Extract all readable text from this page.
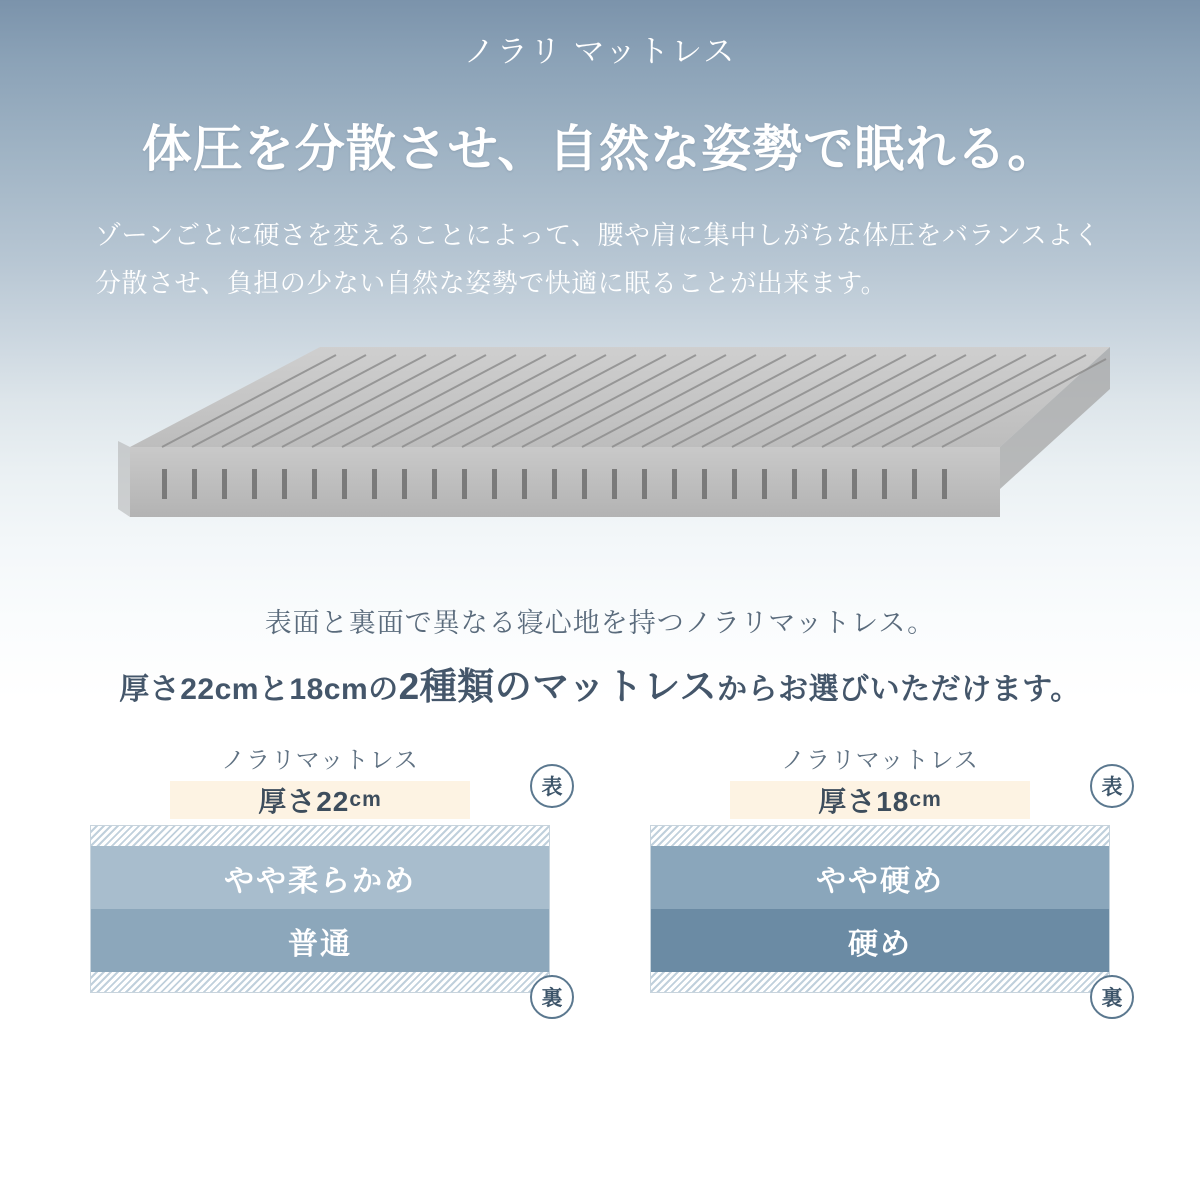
ノラリ マットレス
体圧を分散させ、自然な姿勢で眠れる。
ゾーンごとに硬さを変えることによって、腰や肩に集中しがちな体圧をバランスよく分散させ、負担の少ない自然な姿勢で快適に眠ることが出来ます。
表面と裏面で異なる寝心地を持つノラリマットレス。
厚さ22cmと18cmの2種類のマットレスからお選びいただけます。
ノラリマットレス
厚さ22 cm
やや柔らかめ
普通
表
裏
ノラリマットレス
厚さ18 cm
やや硬め
硬め
表
裏
